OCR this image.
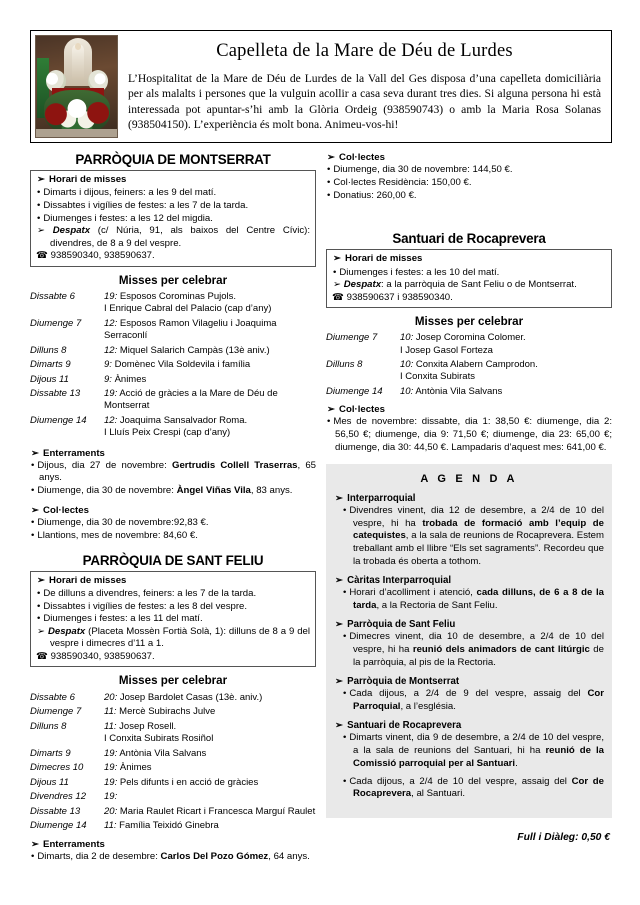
Capelleta de la Mare de Déu de Lurdes
L’Hospitalitat de la Mare de Déu de Lurdes de la Vall del Ges disposa d’una capelleta domiciliària per als malalts i persones que la vulguin acollir a casa seva durant tres dies. Si alguna persona hi està interessada pot apuntar-s’hi amb la Glòria Ordeig (938590743) o amb la Maria Rosa Solanas (938504150). L’experiència és molt bona. Animeu-vos-hi!
PARRÒQUIA DE MONTSERRAT
➢ Horari de misses
• Dimarts i dijous, feiners: a les 9 del matí.
• Dissabtes i vigílies de festes: a les 7 de la tarda.
• Diumenges i festes: a les 12 del migdia.
➢ Despatx (c/ Núria, 91, als baixos del Centre Cívic): divendres, de 8 a 9 del vespre.
☎ 938590340, 938590637.
Misses per celebrar
Dissabte 6	19: Esposos Corominas Pujols.
I Enrique Cabral del Palacio (cap d’any)
Diumenge 7	12: Esposos Ramon Vilageliu i Joaquima Serraconlí
Dilluns 8	12: Miquel Salarich Campàs (13è aniv.)
Dimarts 9	9: Domènec Vila Soldevila i família
Dijous 11	9: Ànimes
Dissabte 13	19: Acció de gràcies a la Mare de Déu de Montserrat
Diumenge 14	12: Joaquima Sansalvador Roma.
I Lluís Peix Crespi (cap d’any)
➢ Enterraments
• Dijous, dia 27 de novembre: Gertrudis Collell Traserras, 65 anys.
• Diumenge, dia 30 de novembre: Àngel Viñas Vila, 83 anys.
➢ Col·lectes
• Diumenge, dia 30 de novembre:92,83 €.
• Llantions, mes de novembre: 84,60 €.
PARRÒQUIA DE SANT FELIU
➢ Horari de misses
• De dilluns a divendres, feiners: a les 7 de la tarda.
• Dissabtes i vigílies de festes: a les 8 del vespre.
• Diumenges i festes: a les 11 del matí.
➢ Despatx (Placeta Mossèn Fortià Solà, 1): dilluns de 8 a 9 del vespre i dimecres d’11 a 1.
☎ 938590340, 938590637.
Misses per celebrar
Dissabte 6	20: Josep Bardolet Casas (13è. aniv.)
Diumenge 7	11: Mercè Subirachs Julve
Dilluns 8	11: Josep Rosell.
I Conxita Subirats Rosiñol
Dimarts 9	19: Antònia Vila Salvans
Dimecres 10	19: Ànimes
Dijous 11	19: Pels difunts i en acció de gràcies
Divendres 12	19:
Dissabte 13	20: Maria Raulet Ricart i Francesca Marguí Raulet
Diumenge 14	11: Família Teixidó Ginebra
➢ Enterraments
• Dimarts, dia 2 de desembre: Carlos Del Pozo Gómez, 64 anys.
➢ Col·lectes
• Diumenge, dia 30 de novembre: 144,50 €.
• Col·lectes Residència: 150,00 €.
• Donatius: 260,00 €.
Santuari de Rocaprevera
➢ Horari de misses
• Diumenges i festes: a les 10 del matí.
➢ Despatx: a la parròquia de Sant Feliu o de Montserrat.
☎ 938590637 i 938590340.
Misses per celebrar
Diumenge 7	10: Josep Coromina Colomer.
I Josep Gasol Forteza
Dilluns 8	10: Conxita Alabern Camprodon.
I Conxita Subirats
Diumenge 14	10: Antònia Vila Salvans
➢ Col·lectes
• Mes de novembre: dissabte, dia 1: 38,50 €: diumenge, dia 2: 56,50 €; diumenge, dia 9: 71,50 €; diumenge, dia 23: 65,00 €; diumenge, dia 30: 44,50 €. Lampadaris d’aquest mes: 641,00 €.
A G E N D A
➢ Interparroquial
• Divendres vinent, dia 12 de desembre, a 2/4 de 10 del vespre, hi ha trobada de formació amb l’equip de catequistes, a la sala de reunions de Rocaprevera. Estem treballant amb el llibre “Els set sagraments”. Recordeu que la trobada és oberta a tothom.
➢ Càritas Interparroquial
• Horari d’acolliment i atenció, cada dilluns, de 6 a 8 de la tarda, a la Rectoria de Sant Feliu.
➢ Parròquia de Sant Feliu
• Dimecres vinent, dia 10 de desembre, a 2/4 de 10 del vespre, hi ha reunió dels animadors de cant litúrgic de la parròquia, al pis de la Rectoria.
➢ Parròquia de Montserrat
• Cada dijous, a 2/4 de 9 del vespre, assaig del Cor Parroquial, a l’església.
➢ Santuari de Rocaprevera
• Dimarts vinent, dia 9 de desembre, a 2/4 de 10 del vespre, a la sala de reunions del Santuari, hi ha reunió de la Comissió parroquial per al Santuari.
• Cada dijous, a 2/4 de 10 del vespre, assaig del Cor de Rocaprevera, al Santuari.
Full i Diàleg: 0,50 €
